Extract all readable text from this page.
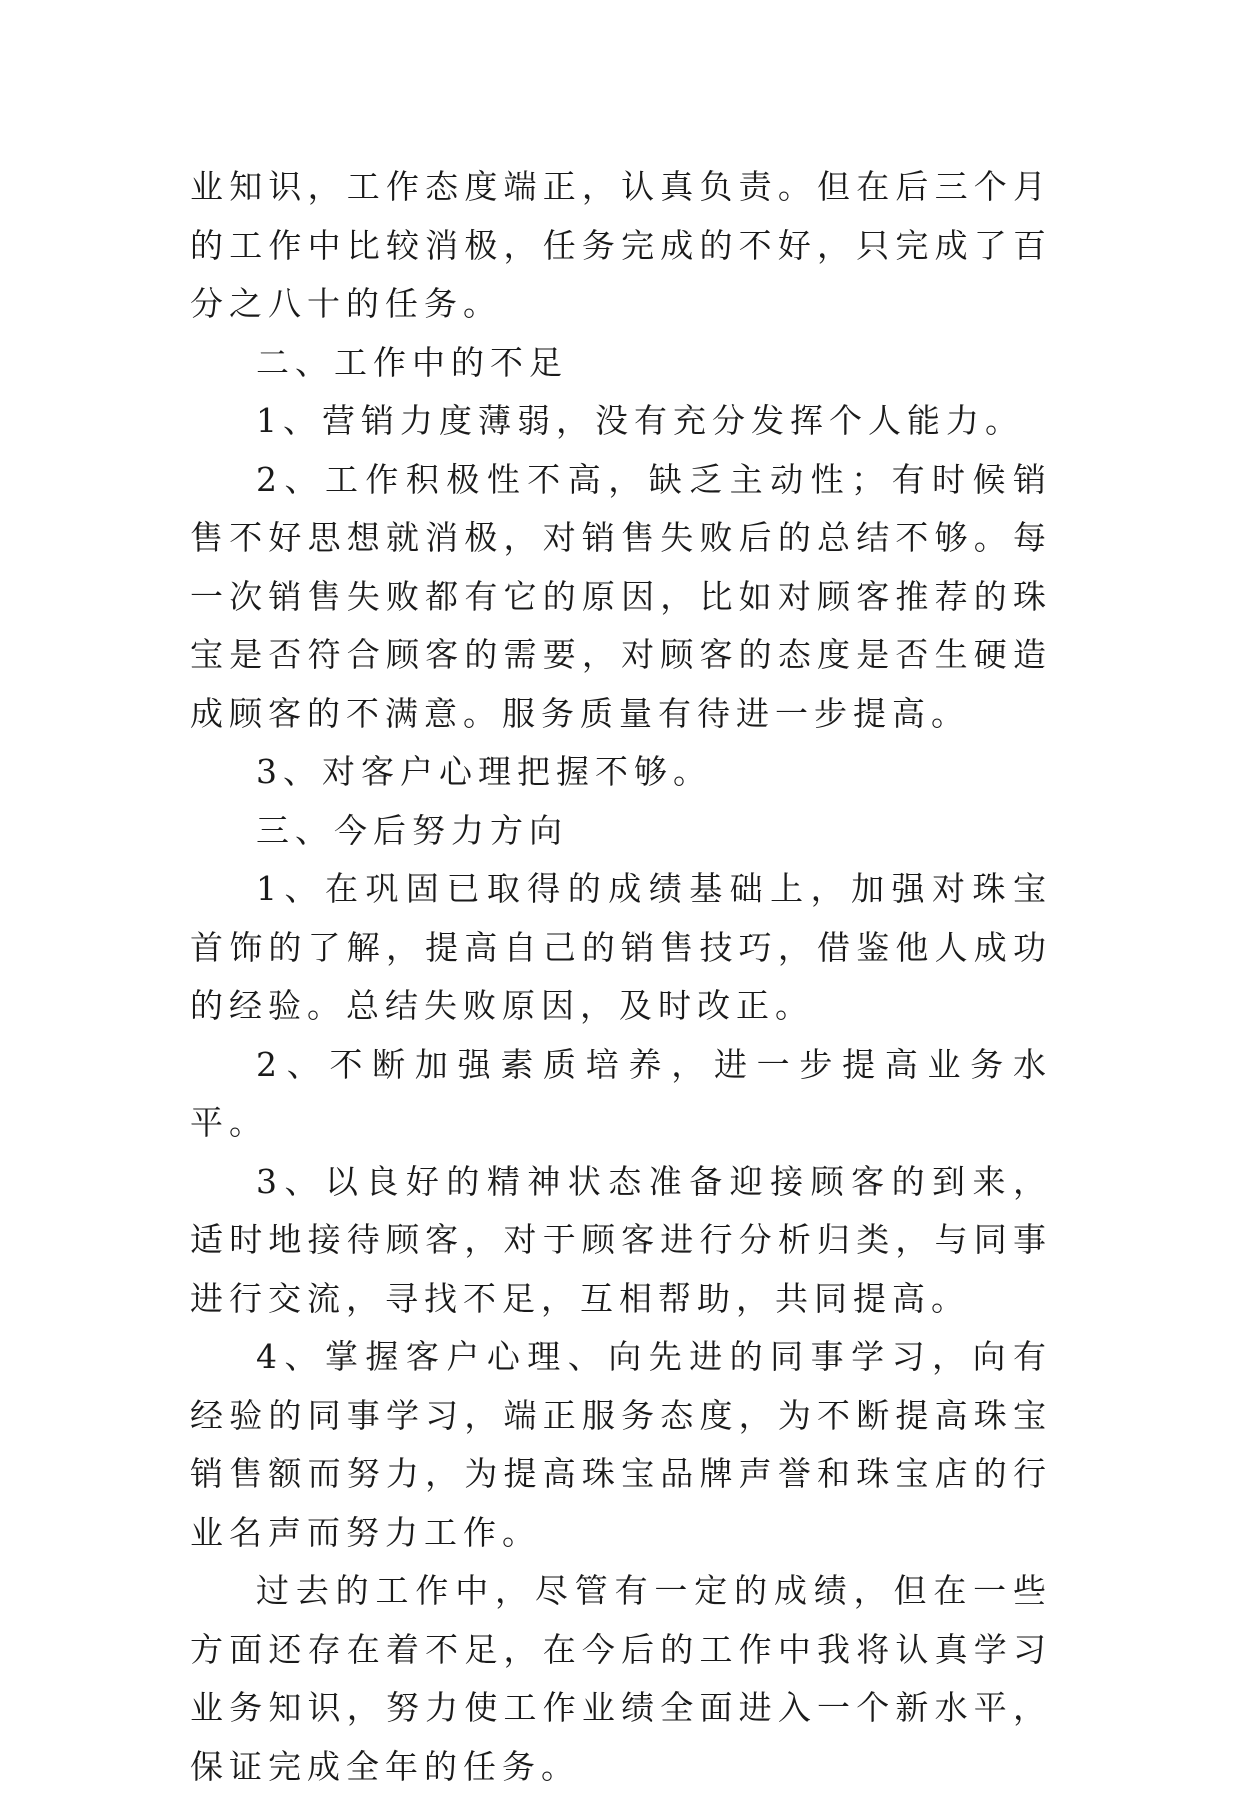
业知识，工作态度端正，认真负责。但在后三个月的工作中比较消极，任务完成的不好，只完成了百分之八十的任务。

二、工作中的不足

1、营销力度薄弱，没有充分发挥个人能力。

2、工作积极性不高，缺乏主动性；有时候销售不好思想就消极，对销售失败后的总结不够。每一次销售失败都有它的原因，比如对顾客推荐的珠宝是否符合顾客的需要，对顾客的态度是否生硬造成顾客的不满意。服务质量有待进一步提高。

3、对客户心理把握不够。

三、今后努力方向

1、在巩固已取得的成绩基础上，加强对珠宝首饰的了解，提高自己的销售技巧，借鉴他人成功的经验。总结失败原因，及时改正。

2、不断加强素质培养，进一步提高业务水平。

3、以良好的精神状态准备迎接顾客的到来，适时地接待顾客，对于顾客进行分析归类，与同事进行交流，寻找不足，互相帮助，共同提高。

4、掌握客户心理、向先进的同事学习，向有经验的同事学习，端正服务态度，为不断提高珠宝销售额而努力，为提高珠宝品牌声誉和珠宝店的行业名声而努力工作。

过去的工作中，尽管有一定的成绩，但在一些方面还存在着不足，在今后的工作中我将认真学习业务知识，努力使工作业绩全面进入一个新水平，保证完成全年的任务。
